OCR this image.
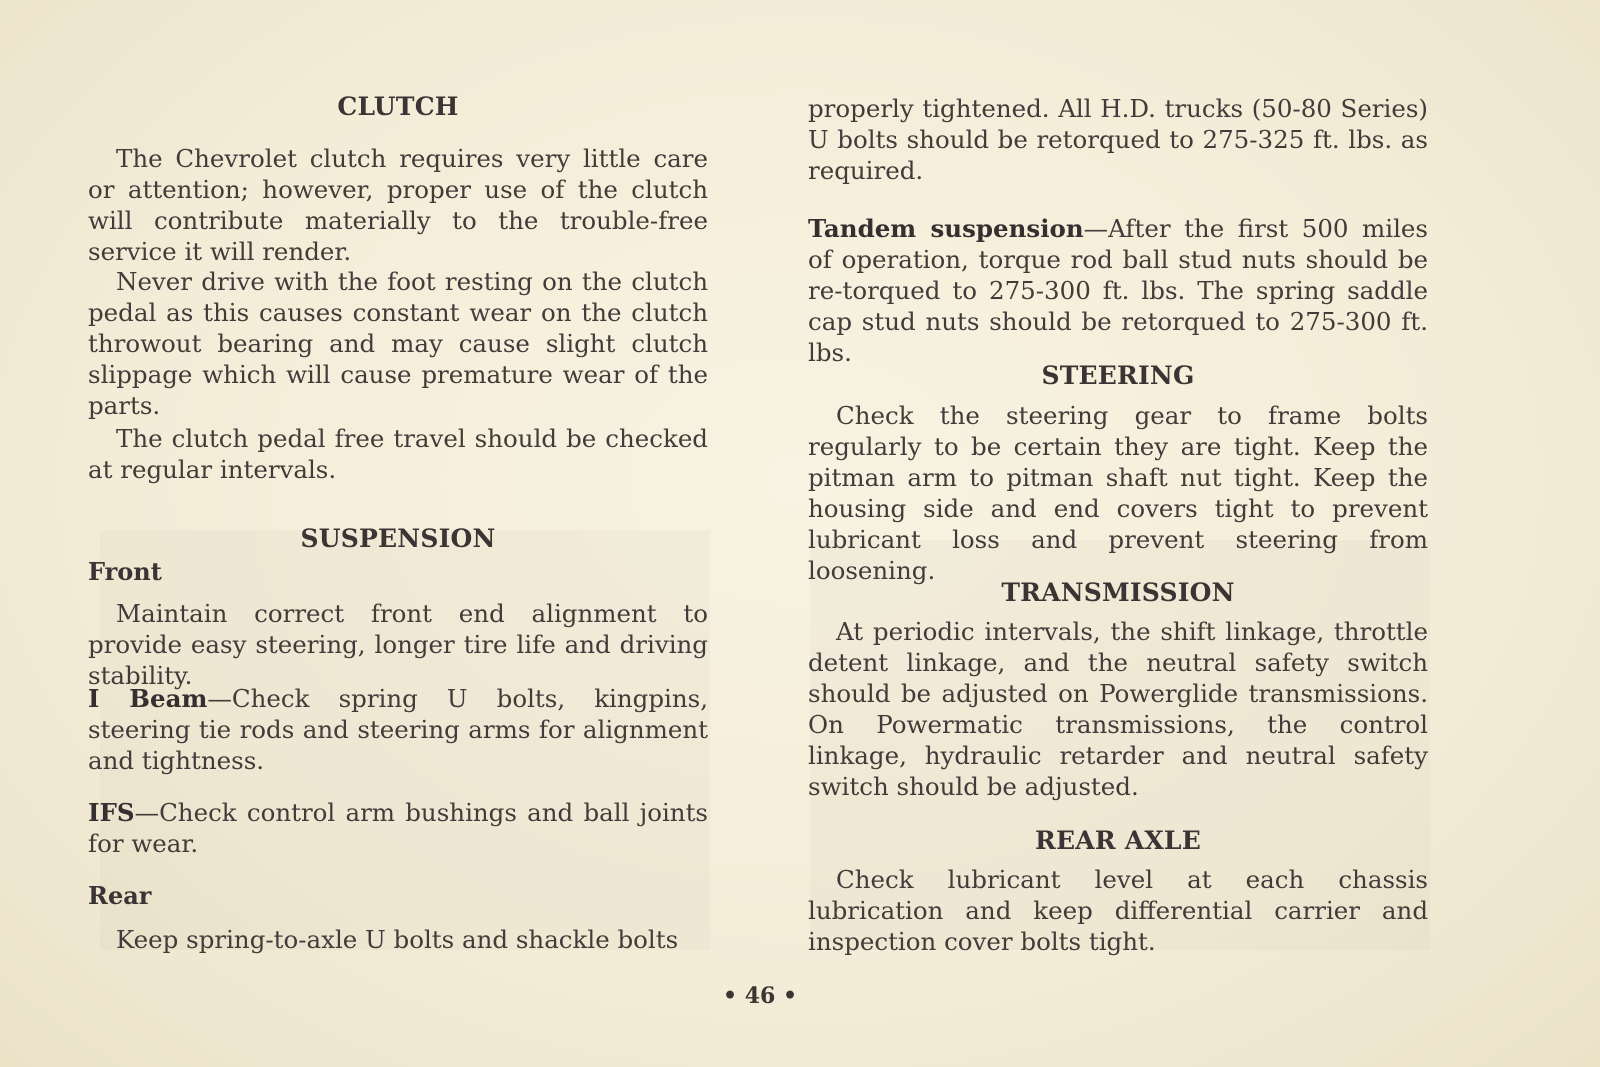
CLUTCH
The Chevrolet clutch requires very little care or attention; however, proper use of the clutch will contribute materially to the trouble-free service it will render.
Never drive with the foot resting on the clutch pedal as this causes constant wear on the clutch throwout bearing and may cause slight clutch slippage which will cause premature wear of the parts.
The clutch pedal free travel should be checked at regular intervals.
SUSPENSION
Front
Maintain correct front end alignment to provide easy steering, longer tire life and driving stability.
I Beam—Check spring U bolts, kingpins, steering tie rods and steering arms for alignment and tightness.
IFS—Check control arm bushings and ball joints for wear.
Rear
Keep spring-to-axle U bolts and shackle bolts
properly tightened. All H.D. trucks (50-80 Series) U bolts should be retorqued to 275-325 ft. lbs. as required.
Tandem suspension—After the first 500 miles of operation, torque rod ball stud nuts should be re-torqued to 275-300 ft. lbs. The spring saddle cap stud nuts should be retorqued to 275-300 ft. lbs.
STEERING
Check the steering gear to frame bolts regularly to be certain they are tight. Keep the pitman arm to pitman shaft nut tight. Keep the housing side and end covers tight to prevent lubricant loss and prevent steering from loosening.
TRANSMISSION
At periodic intervals, the shift linkage, throttle detent linkage, and the neutral safety switch should be adjusted on Powerglide transmissions. On Powermatic transmissions, the control linkage, hydraulic retarder and neutral safety switch should be adjusted.
REAR AXLE
Check lubricant level at each chassis lubrication and keep differential carrier and inspection cover bolts tight.
• 46 •
